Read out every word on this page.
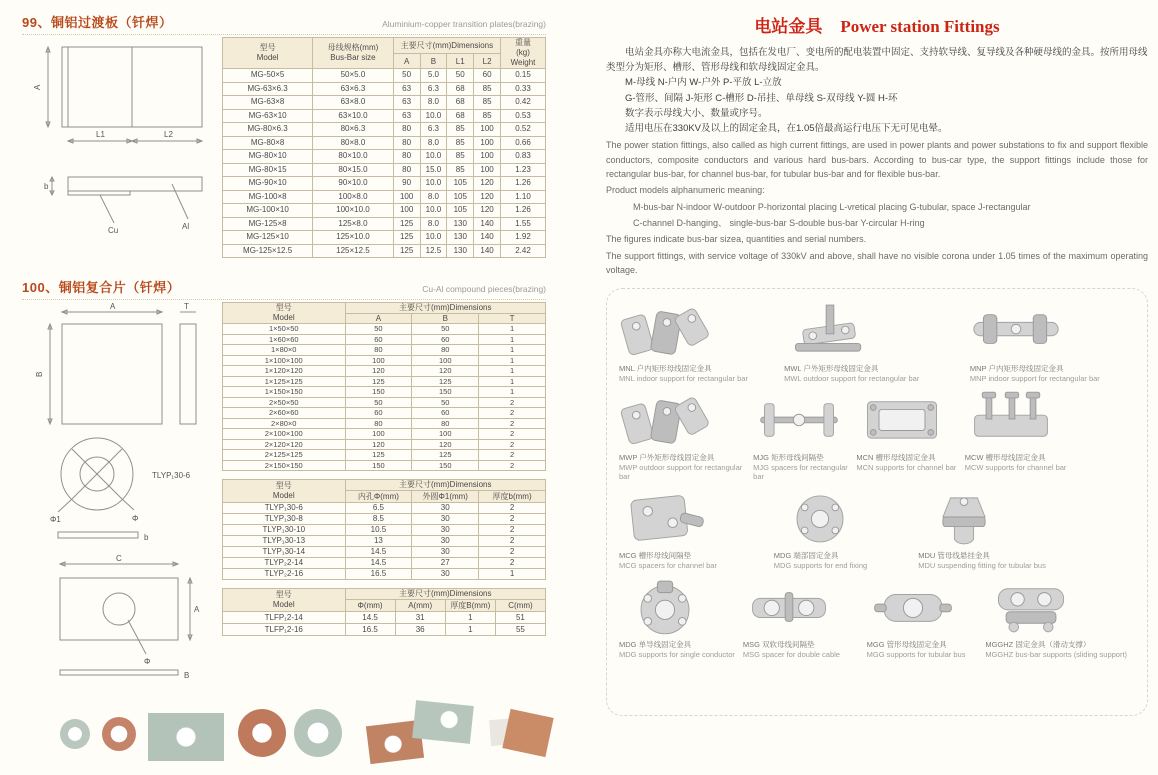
99、铜铝过渡板（钎焊）	Aluminium-copper transition plates(brazing)
A
L1	L2
b
Cu	Al
型号
Model	母线规格(mm)
Bus-Bar size	主要尺寸(mm)Dimensions				重量
(kg)
Weight

		A	B	L1	L2	
MG-50×5	50×5.0	50	5.0	50	60	0.15
MG-63×6.3	63×6.3	63	6.3	68	85	0.33
MG-63×8	63×8.0	63	8.0	68	85	0.42
MG-63×10	63×10.0	63	10.0	68	85	0.53
MG-80×6.3	80×6.3	80	6.3	85	100	0.52
MG-80×8	80×8.0	80	8.0	85	100	0.66
MG-80×10	80×10.0	80	10.0	85	100	0.83
MG-80×15	80×15.0	80	15.0	85	100	1.23
MG-90×10	90×10.0	90	10.0	105	120	1.26
MG-100×8	100×8.0	100	8.0	105	120	1.10
MG-100×10	100×10.0	100	10.0	105	120	1.26
MG-125×8	125×8.0	125	8.0	130	140	1.55
MG-125×10	125×10.0	125	10.0	130	140	1.92
MG-125×12.5	125×12.5	125	12.5	130	140	2.42
100、铜铝复合片（钎焊）	Cu-Al compound pieces(brazing)
A
B
T
Φ1	Φ
TLYP₁30-6
b
C
A
Φ
B
型号
Model	主要尺寸(mm)Dimensions		

	A	B	T
1×50×50	50	50	1
1×60×60	60	60	1
1×80×0	80	80	1
1×100×100	100	100	1
1×120×120	120	120	1
1×125×125	125	125	1
1×150×150	150	150	1
2×50×50	50	50	2
2×60×60	60	60	2
2×80×0	80	80	2
2×100×100	100	100	2
2×120×120	120	120	2
2×125×125	125	125	2
2×150×150	150	150	2
型号
Model	主要尺寸(mm)Dimensions		

	内孔Φ(mm)	外圆Φ1(mm)	厚度b(mm)
TLYP₁30-6	6.5	30	2
TLYP₁30-8	8.5	30	2
TLYP₁30-10	10.5	30	2
TLYP₁30-13	13	30	2
TLYP₁30-14	14.5	30	2
TLYP₂2-14	14.5	27	2
TLYP₂2-16	16.5	30	1
型号
Model	主要尺寸(mm)Dimensions			

	Φ(mm)	A(mm)	厚度B(mm)	C(mm)
TLFP₁2-14	14.5	31	1	51
TLFP₁2-16	16.5	36	1	55
电站金具 Power station Fittings

电站金具亦称大电流金具，包括在发电厂、变电所的配电装置中固定、支持软导线、复导线及各种硬母线的金具。按所用母线类型分为矩形、槽形、管形母线和软母线固定金具。

M-母线 N-户内 W-户外 P-平放 L-立放

G-管形、间隔 J-矩形 C-槽形 D-吊挂、单母线 S-双母线 Y-圆 H-环

数字表示母线大小、数量或序号。

适用电压在330KV及以上的固定金具，在1.05倍最高运行电压下无可见电晕。

The power station fittings, also called as high current fittings, are used in power plants and power substations to fix and support flexible conductors, composite conductors and various hard bus-bars. According to bus-car type, the support fittings include those for rectangular bus-bar, for channel bus-bar, for tubular bus-bar and for flexible bus-bar.

Product models alphanumeric meaning:

M-bus-bar N-indoor W-outdoor P-horizontal placing L-vretical placing G-tubular, space J-rectangular

C-channel D-hanging、 single-bus-bar S-double bus-bar Y-circular H-ring

The figures indicate bus-bar sizea, quantities and serial numbers.

The support fittings, with service voltage of 330kV and above, shall have no visible corona under 1.05 times of the maximum operating voltage.

MNL 户内矩形母线固定金具
MNL indoor support for rectangular bar
MWL 户外矩形母线固定金具
MWL outdoor support for rectangular bar
MNP 户内矩形母线固定金具
MNP indoor support for rectangular bar
MWP 户外矩形母线固定金具
MWP outdoor support for rectangular bar
MJG 矩形母线间隔垫
MJG spacers for rectangular bar
MCN 槽形母线固定金具
MCN supports for channel bar
MCW 槽形母线固定金具
MCW supports for channel bar
MCG 槽形母线间隔垫
MCG spacers for channel bar
MDG 端部固定金具
MDG supports for end fixing
MDU 管母线悬挂金具
MDU suspending fitting for tubular bus
MDG 单导线固定金具
MDG supports for single conductor
MSG 双软母线间隔垫
MSG spacer for double cable
MGG 管形母线固定金具
MGG supports for tubular bus
MGGHZ 固定金具（滑动支撑）
MGGHZ bus-bar supports (sliding support)
